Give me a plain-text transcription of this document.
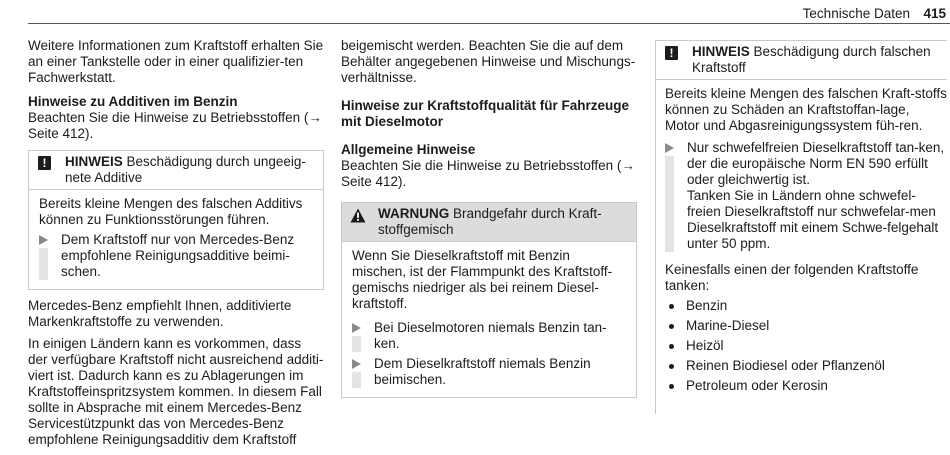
Technische Daten 415

Weitere Informationen zum Kraftstoff erhalten Sie an einer Tankstelle oder in einer qualifizier-ten Fachwerkstatt.

Hinweise zu Additiven im Benzin

Beachten Sie die Hinweise zu Betriebsstoffen (→ Seite 412).

!	HINWEIS Beschädigung durch ungeeig-nete Additive

Bereits kleine Mengen des falschen Additivs können zu Funktionsstörungen führen.

Dem Kraftstoff nur von Mercedes-Benz empfohlene Reinigungsadditive beimi-schen.

Mercedes-Benz empfiehlt Ihnen, additivierte Markenkraftstoffe zu verwenden.

In einigen Ländern kann es vorkommen, dass der verfügbare Kraftstoff nicht ausreichend additi-viert ist. Dadurch kann es zu Ablagerungen im Kraftstoffeinspritzsystem kommen. In diesem Fall sollte in Absprache mit einem Mercedes-Benz Servicestützpunkt das von Mercedes-Benz empfohlene Reinigungsadditiv dem Kraftstoff

beigemischt werden. Beachten Sie die auf dem Behälter angegebenen Hinweise und Mischungs-verhältnisse.

Hinweise zur Kraftstoffqualität für Fahrzeuge mit Dieselmotor

Allgemeine Hinweise

Beachten Sie die Hinweise zu Betriebsstoffen (→ Seite 412).

WARNUNG Brandgefahr durch Kraft-stoffgemisch

Wenn Sie Dieselkraftstoff mit Benzin mischen, ist der Flammpunkt des Kraftstoff-gemischs niedriger als bei reinem Diesel-kraftstoff.

Bei Dieselmotoren niemals Benzin tan-ken.
Dem Dieselkraftstoff niemals Benzin beimischen.
!	HINWEIS Beschädigung durch falschen Kraftstoff

Bereits kleine Mengen des falschen Kraft-stoffs können zu Schäden an Kraftstoffan-lage, Motor und Abgasreinigungssystem füh-ren.

Nur schwefelfreien Dieselkraftstoff tan-ken, der die europäische Norm EN 590 erfüllt oder gleichwertig ist.
Tanken Sie in Ländern ohne schwefel-freien Dieselkraftstoff nur schwefelar-men Dieselkraftstoff mit einem Schwe-felgehalt unter 50 ppm.

Keinesfalls einen der folgenden Kraftstoffe tanken:

Benzin
Marine-Diesel
Heizöl
Reinen Biodiesel oder Pflanzenöl
Petroleum oder Kerosin
